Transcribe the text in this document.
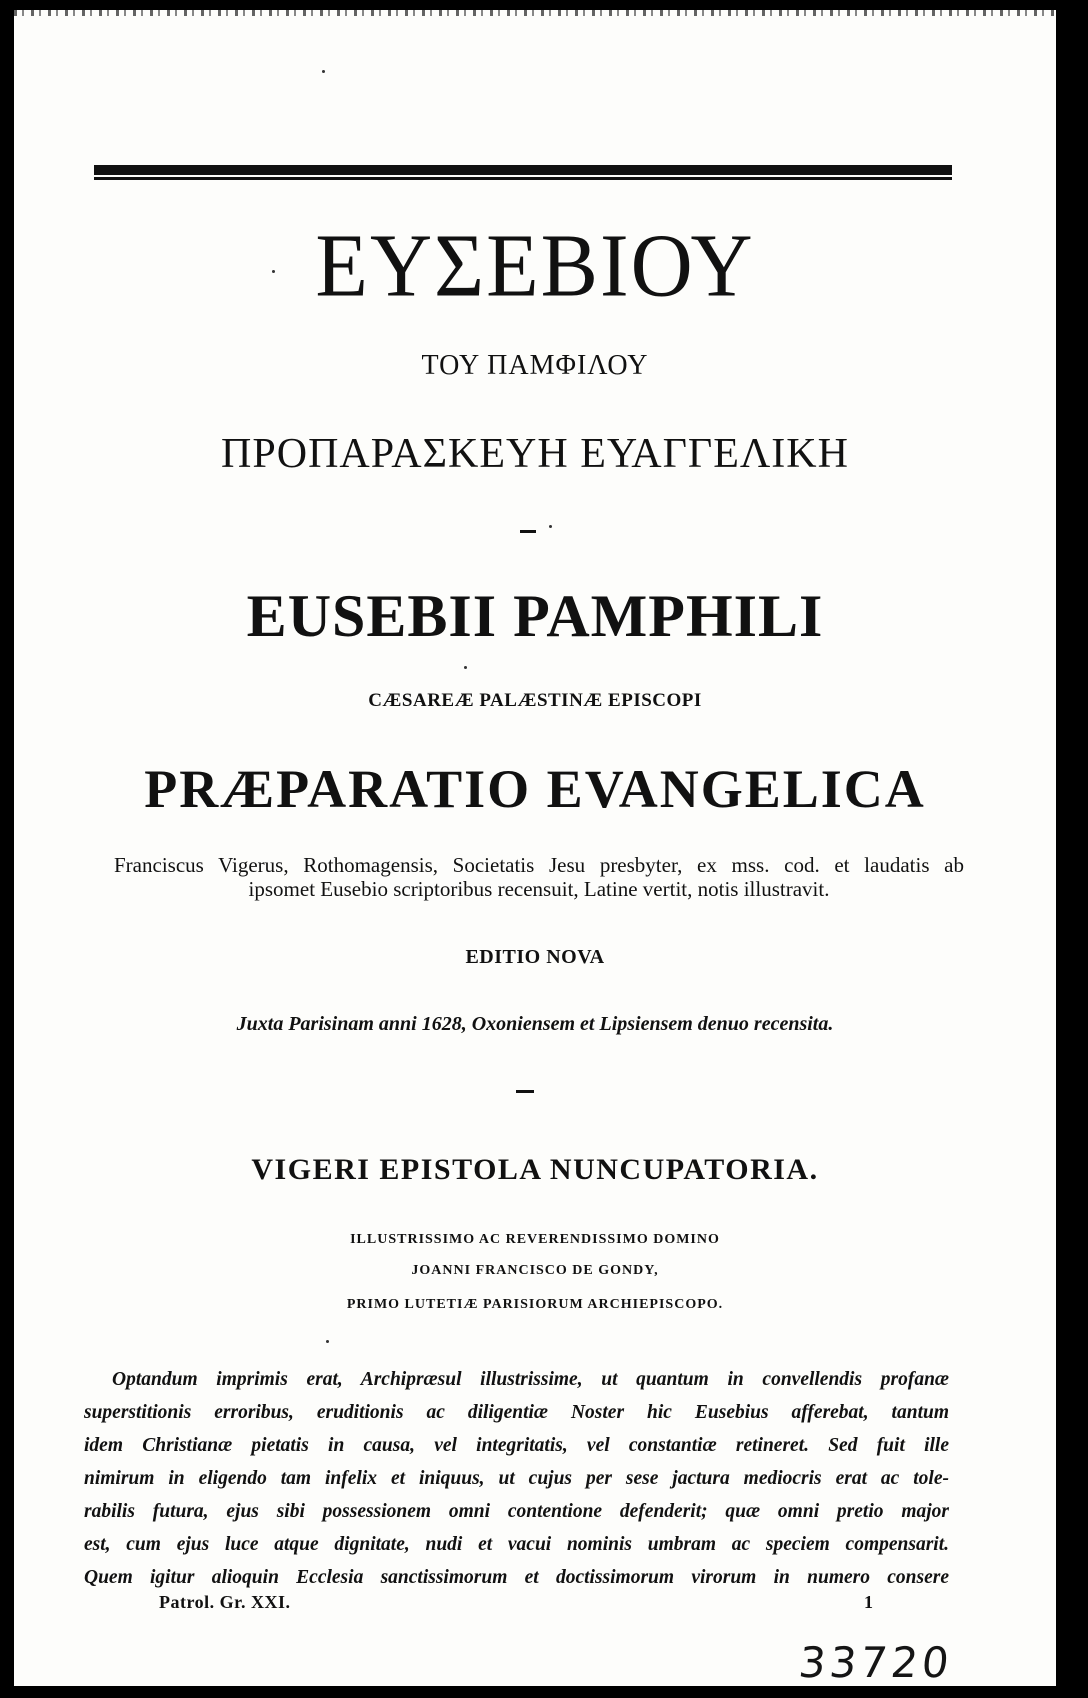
ΕΥΣΕΒΙΟΥ
ΤΟΥ ΠΑΜΦΙΛΟΥ
ΠΡΟΠΑΡΑΣΚΕΥΗ ΕΥΑΓΓΕΛΙΚΗ
EUSEBII PAMPHILI
CÆSAREÆ PALÆSTINÆ EPISCOPI
PRÆPARATIO EVANGELICA
Franciscus Vigerus, Rothomagensis, Societatis Jesu presbyter, ex mss. cod. et laudatis ab
ipsomet Eusebio scriptoribus recensuit, Latine vertit, notis illustravit.
EDITIO NOVA
Juxta Parisinam anni 1628, Oxoniensem et Lipsiensem denuo recensita.
VIGERI EPISTOLA NUNCUPATORIA.
ILLUSTRISSIMO AC REVERENDISSIMO DOMINO
JOANNI FRANCISCO DE GONDY,
PRIMO LUTETIÆ PARISIORUM ARCHIEPISCOPO.
Optandum imprimis erat, Archipræsul illustrissime, ut quantum in convellendis profanæ
superstitionis erroribus, eruditionis ac diligentiæ Noster hic Eusebius afferebat, tantum
idem Christianæ pietatis in causa, vel integritatis, vel constantiæ retineret. Sed fuit ille
nimirum in eligendo tam infelix et iniquus, ut cujus per sese jactura mediocris erat ac tole-
rabilis futura, ejus sibi possessionem omni contentione defenderit; quæ omni pretio major
est, cum ejus luce atque dignitate, nudi et vacui nominis umbram ac speciem compensarit.
Quem igitur alioquin Ecclesia sanctissimorum et doctissimorum virorum in numero consere
Patrol. Gr. XXI.	1
33720
